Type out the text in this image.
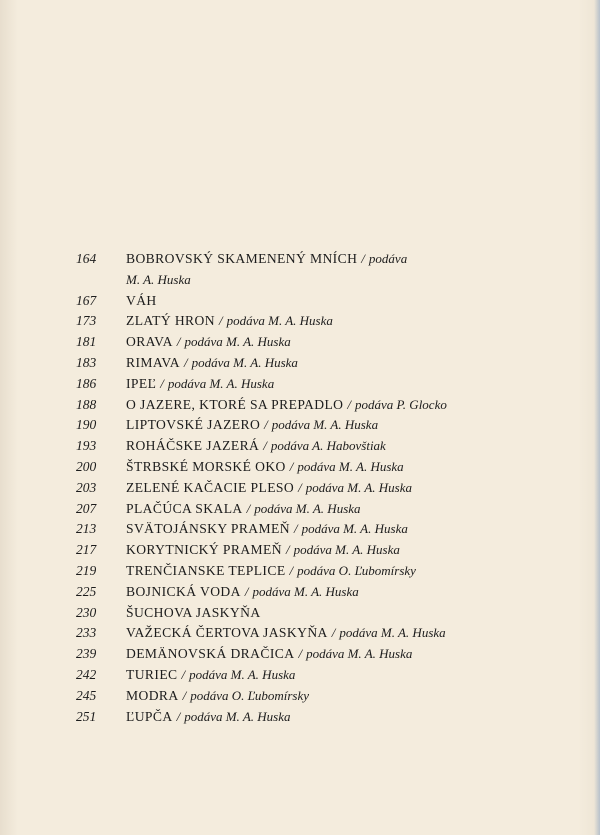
164	BOBROVSKÝ SKAMENENÝ MNÍCH / podáva
M. A. Huska
167	VÁH
173	ZLATÝ HRON / podáva M. A. Huska
181	ORAVA / podáva M. A. Huska
183	RIMAVA / podáva M. A. Huska
186	IPEĽ / podáva M. A. Huska
188	O JAZERE, KTORÉ SA PREPADLO / podáva P. Glocko
190	LIPTOVSKÉ JAZERO / podáva M. A. Huska
193	ROHÁČSKE JAZERÁ / podáva A. Habovštiak
200	ŠTRBSKÉ MORSKÉ OKO / podáva M. A. Huska
203	ZELENÉ KAČACIE PLESO / podáva M. A. Huska
207	PLAČÚCA SKALA / podáva M. A. Huska
213	SVÄTOJÁNSKY PRAMEŇ / podáva M. A. Huska
217	KORYTNICKÝ PRAMEŇ / podáva M. A. Huska
219	TRENČIANSKE TEPLICE / podáva O. Ľubomírsky
225	BOJNICKÁ VODA / podáva M. A. Huska
230	ŠUCHOVA JASKYŇA
233	VAŽECKÁ ČERTOVA JASKYŇA / podáva M. A. Huska
239	DEMÄNOVSKÁ DRAČICA / podáva M. A. Huska
242	TURIEC / podáva M. A. Huska
245	MODRA / podáva O. Ľubomírsky
251	ĽUPČA / podáva M. A. Huska
